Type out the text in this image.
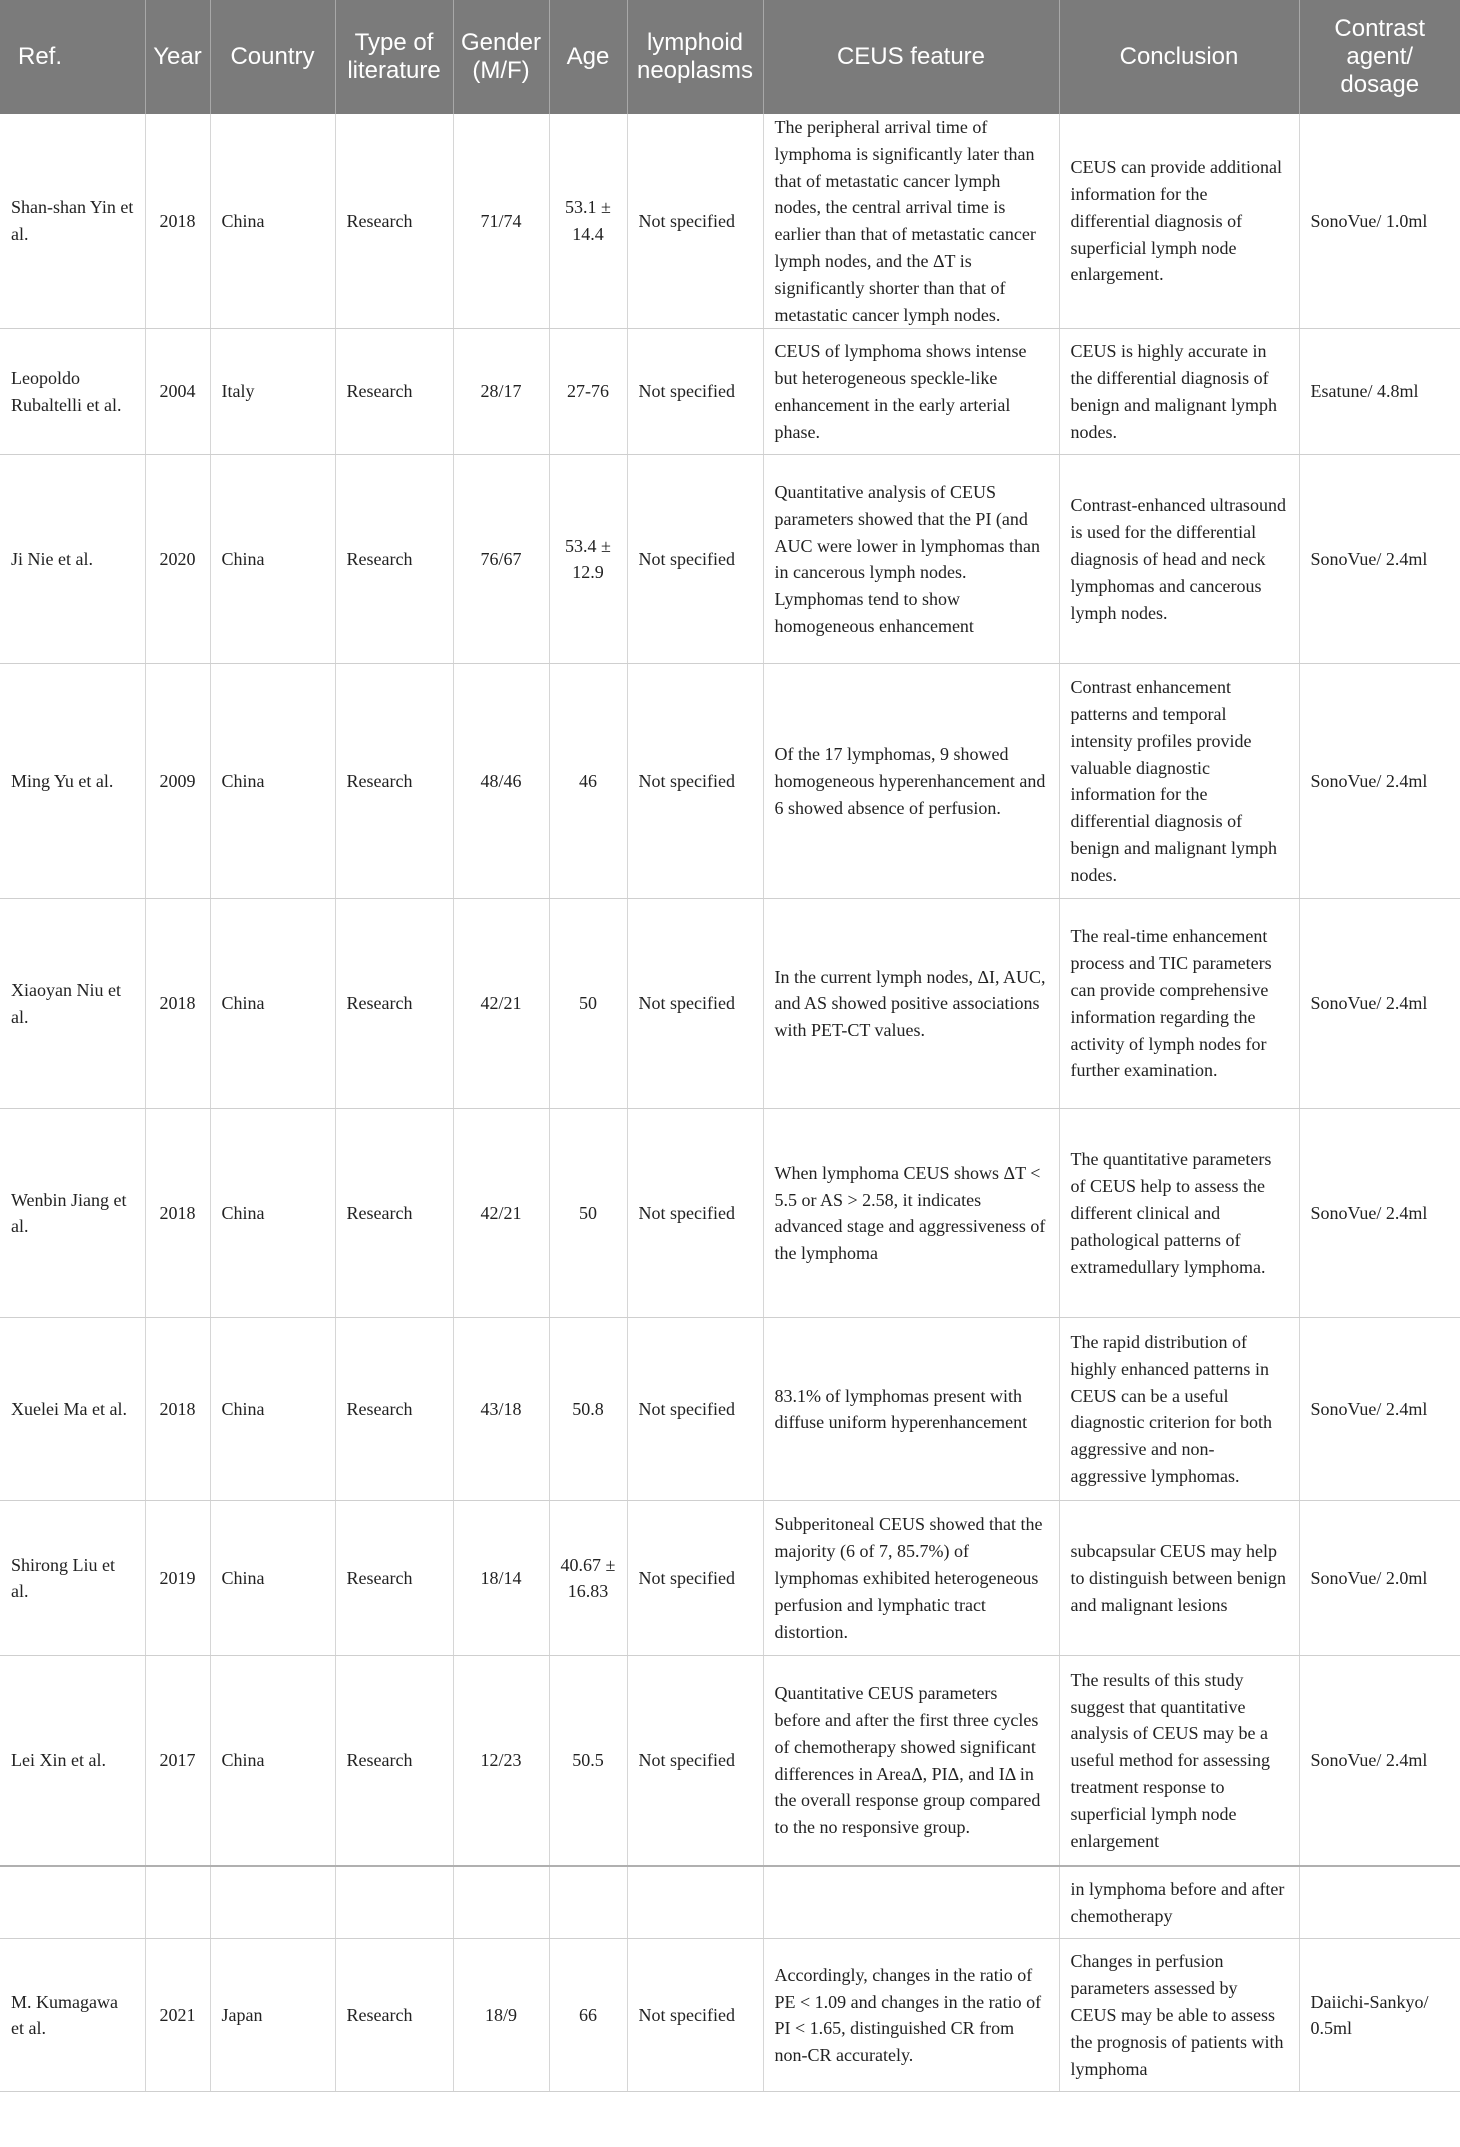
Ref.	Year	Country	Type of literature	Gender (M/F)	Age	lymphoid neoplasms	CEUS feature	Conclusion	Contrast agent/ dosage
Shan-shan Yin et al.	2018	China	Research	71/74	53.1 ± 14.4	Not specified	The peripheral arrival time of lymphoma is significantly later than that of metastatic cancer lymph nodes, the central arrival time is earlier than that of metastatic cancer lymph nodes, and the ΔT is significantly shorter than that of metastatic cancer lymph nodes.	CEUS can provide additional information for the differential diagnosis of superficial lymph node enlargement.	SonoVue/ 1.0ml
Leopoldo Rubaltelli et al.	2004	Italy	Research	28/17	27-76	Not specified	CEUS of lymphoma shows intense but heterogeneous speckle-like enhancement in the early arterial phase.	CEUS is highly accurate in the differential diagnosis of benign and malignant lymph nodes.	Esatune/ 4.8ml
Ji Nie et al.	2020	China	Research	76/67	53.4 ± 12.9	Not specified	Quantitative analysis of CEUS parameters showed that the PI (and AUC were lower in lymphomas than in cancerous lymph nodes. Lymphomas tend to show homogeneous enhancement	Contrast-enhanced ultrasound is used for the differential diagnosis of head and neck lymphomas and cancerous lymph nodes.	SonoVue/ 2.4ml
Ming Yu et al.	2009	China	Research	48/46	46	Not specified	Of the 17 lymphomas, 9 showed homogeneous hyperenhancement and 6 showed absence of perfusion.	Contrast enhancement patterns and temporal intensity profiles provide valuable diagnostic information for the differential diagnosis of benign and malignant lymph nodes.	SonoVue/ 2.4ml
Xiaoyan Niu et al.	2018	China	Research	42/21	50	Not specified	In the current lymph nodes, ΔI, AUC, and AS showed positive associations with PET-CT values.	The real-time enhancement process and TIC parameters can provide comprehensive information regarding the activity of lymph nodes for further examination.	SonoVue/ 2.4ml
Wenbin Jiang et al.	2018	China	Research	42/21	50	Not specified	When lymphoma CEUS shows ΔT < 5.5 or AS > 2.58, it indicates advanced stage and aggressiveness of the lymphoma	The quantitative parameters of CEUS help to assess the different clinical and pathological patterns of extramedullary lymphoma.	SonoVue/ 2.4ml
Xuelei Ma et al.	2018	China	Research	43/18	50.8	Not specified	83.1% of lymphomas present with diffuse uniform hyperenhancement	The rapid distribution of highly enhanced patterns in CEUS can be a useful diagnostic criterion for both aggressive and non-aggressive lymphomas.	SonoVue/ 2.4ml
Shirong Liu et al.	2019	China	Research	18/14	40.67 ± 16.83	Not specified	Subperitoneal CEUS showed that the majority (6 of 7, 85.7%) of lymphomas exhibited heterogeneous perfusion and lymphatic tract distortion.	subcapsular CEUS may help to distinguish between benign and malignant lesions	SonoVue/ 2.0ml
Lei Xin et al.	2017	China	Research	12/23	50.5	Not specified	Quantitative CEUS parameters before and after the first three cycles of chemotherapy showed significant differences in AreaΔ, PIΔ, and IΔ in the overall response group compared to the no responsive group.	The results of this study suggest that quantitative analysis of CEUS may be a useful method for assessing treatment response to superficial lymph node enlargement	SonoVue/ 2.4ml
								in lymphoma before and after chemotherapy	
M. Kumagawa et al.	2021	Japan	Research	18/9	66	Not specified	Accordingly, changes in the ratio of PE < 1.09 and changes in the ratio of PI < 1.65, distinguished CR from non-CR accurately.	Changes in perfusion parameters assessed by CEUS may be able to assess the prognosis of patients with lymphoma	Daiichi-Sankyo/ 0.5ml
